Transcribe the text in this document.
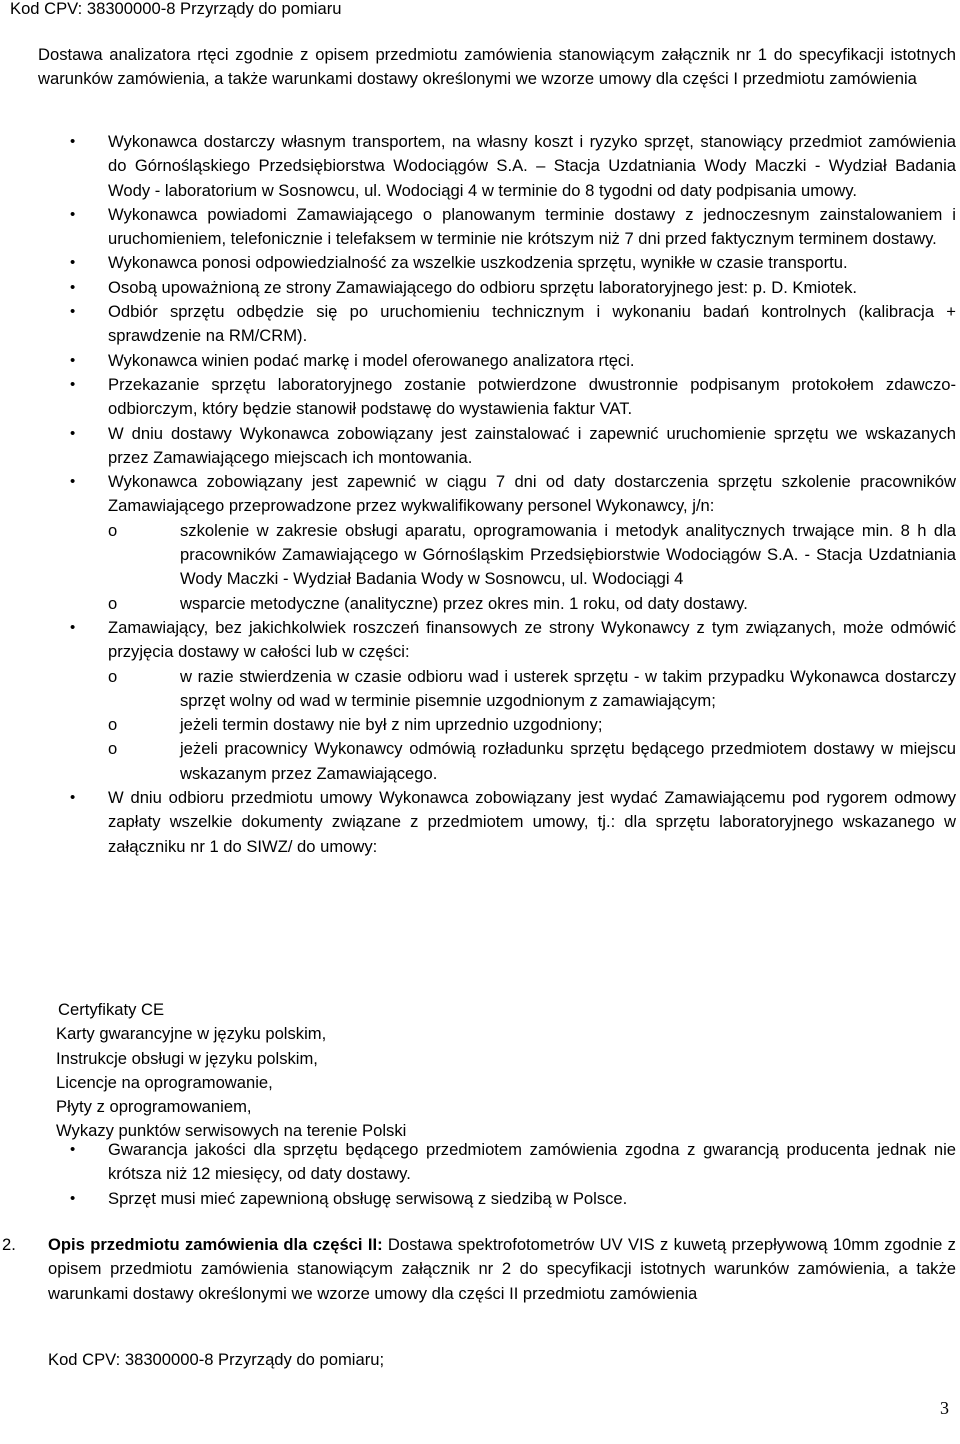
Kod CPV: 38300000-8 Przyrządy do pomiaru
Dostawa analizatora rtęci zgodnie z opisem przedmiotu zamówienia stanowiącym załącznik nr 1 do specyfikacji istotnych warunków zamówienia, a także warunkami dostawy określonymi we wzorze umowy dla części I przedmiotu zamówienia
• Wykonawca dostarczy własnym transportem, na własny koszt i ryzyko sprzęt, stanowiący przedmiot zamówienia do Górnośląskiego Przedsiębiorstwa Wodociągów S.A. – Stacja Uzdatniania Wody Maczki - Wydział Badania Wody - laboratorium w Sosnowcu, ul. Wodociągi 4 w terminie do 8 tygodni od daty podpisania umowy.
• Wykonawca powiadomi Zamawiającego o planowanym terminie dostawy z jednoczesnym zainstalowaniem i uruchomieniem, telefonicznie i telefaksem w terminie nie krótszym niż 7 dni przed faktycznym terminem dostawy.
• Wykonawca ponosi odpowiedzialność za wszelkie uszkodzenia sprzętu, wynikłe w czasie transportu.
• Osobą upoważnioną ze strony Zamawiającego do odbioru sprzętu laboratoryjnego jest: p. D. Kmiotek.
• Odbiór sprzętu odbędzie się po uruchomieniu technicznym i wykonaniu badań kontrolnych (kalibracja + sprawdzenie na RM/CRM).
• Wykonawca winien podać markę i model oferowanego analizatora rtęci.
• Przekazanie sprzętu laboratoryjnego zostanie potwierdzone dwustronnie podpisanym protokołem zdawczo-odbiorczym, który będzie stanowił podstawę do wystawienia faktur VAT.
• W dniu dostawy Wykonawca zobowiązany jest zainstalować i zapewnić uruchomienie sprzętu we wskazanych przez Zamawiającego miejscach ich montowania.
• Wykonawca zobowiązany jest zapewnić w ciągu 7 dni od daty dostarczenia sprzętu szkolenie pracowników Zamawiającego przeprowadzone przez wykwalifikowany personel Wykonawcy, j/n:
o	szkolenie w zakresie obsługi aparatu, oprogramowania i metodyk analitycznych trwające min. 8 h dla pracowników Zamawiającego w Górnośląskim Przedsiębiorstwie Wodociągów S.A. - Stacja Uzdatniania Wody Maczki - Wydział Badania Wody w Sosnowcu, ul. Wodociągi 4
o	wsparcie metodyczne (analityczne) przez okres min. 1 roku, od daty dostawy.
• Zamawiający, bez jakichkolwiek roszczeń finansowych ze strony Wykonawcy z tym związanych, może odmówić przyjęcia dostawy w całości lub w części:
o	w razie stwierdzenia w czasie odbioru wad i usterek sprzętu - w takim przypadku Wykonawca dostarczy sprzęt wolny od wad w terminie pisemnie uzgodnionym z zamawiającym;
o	jeżeli termin dostawy nie był z nim uprzednio uzgodniony;
o	jeżeli pracownicy Wykonawcy odmówią rozładunku sprzętu będącego przedmiotem dostawy w miejscu wskazanym przez Zamawiającego.
• W dniu odbioru przedmiotu umowy Wykonawca zobowiązany jest wydać Zamawiającemu pod rygorem odmowy zapłaty wszelkie dokumenty związane z przedmiotem umowy, tj.: dla sprzętu laboratoryjnego wskazanego w załączniku nr 1 do SIWZ/ do umowy:
Certyfikaty CE
Karty gwarancyjne w języku polskim,
Instrukcje obsługi w języku polskim,
Licencje na oprogramowanie,
Płyty z oprogramowaniem,
Wykazy punktów serwisowych na terenie Polski
• Gwarancja jakości dla sprzętu będącego przedmiotem zamówienia zgodna z gwarancją producenta jednak nie krótsza niż 12 miesięcy, od daty dostawy.
• Sprzęt musi mieć zapewnioną obsługę serwisową z siedzibą w Polsce.
2. Opis przedmiotu zamówienia dla części II: Dostawa spektrofotometrów UV VIS z kuwetą przepływową 10mm zgodnie z opisem przedmiotu zamówienia stanowiącym załącznik nr 2 do specyfikacji istotnych warunków zamówienia, a także warunkami dostawy określonymi we wzorze umowy dla części II przedmiotu zamówienia
Kod CPV: 38300000-8 Przyrządy do pomiaru;
3
